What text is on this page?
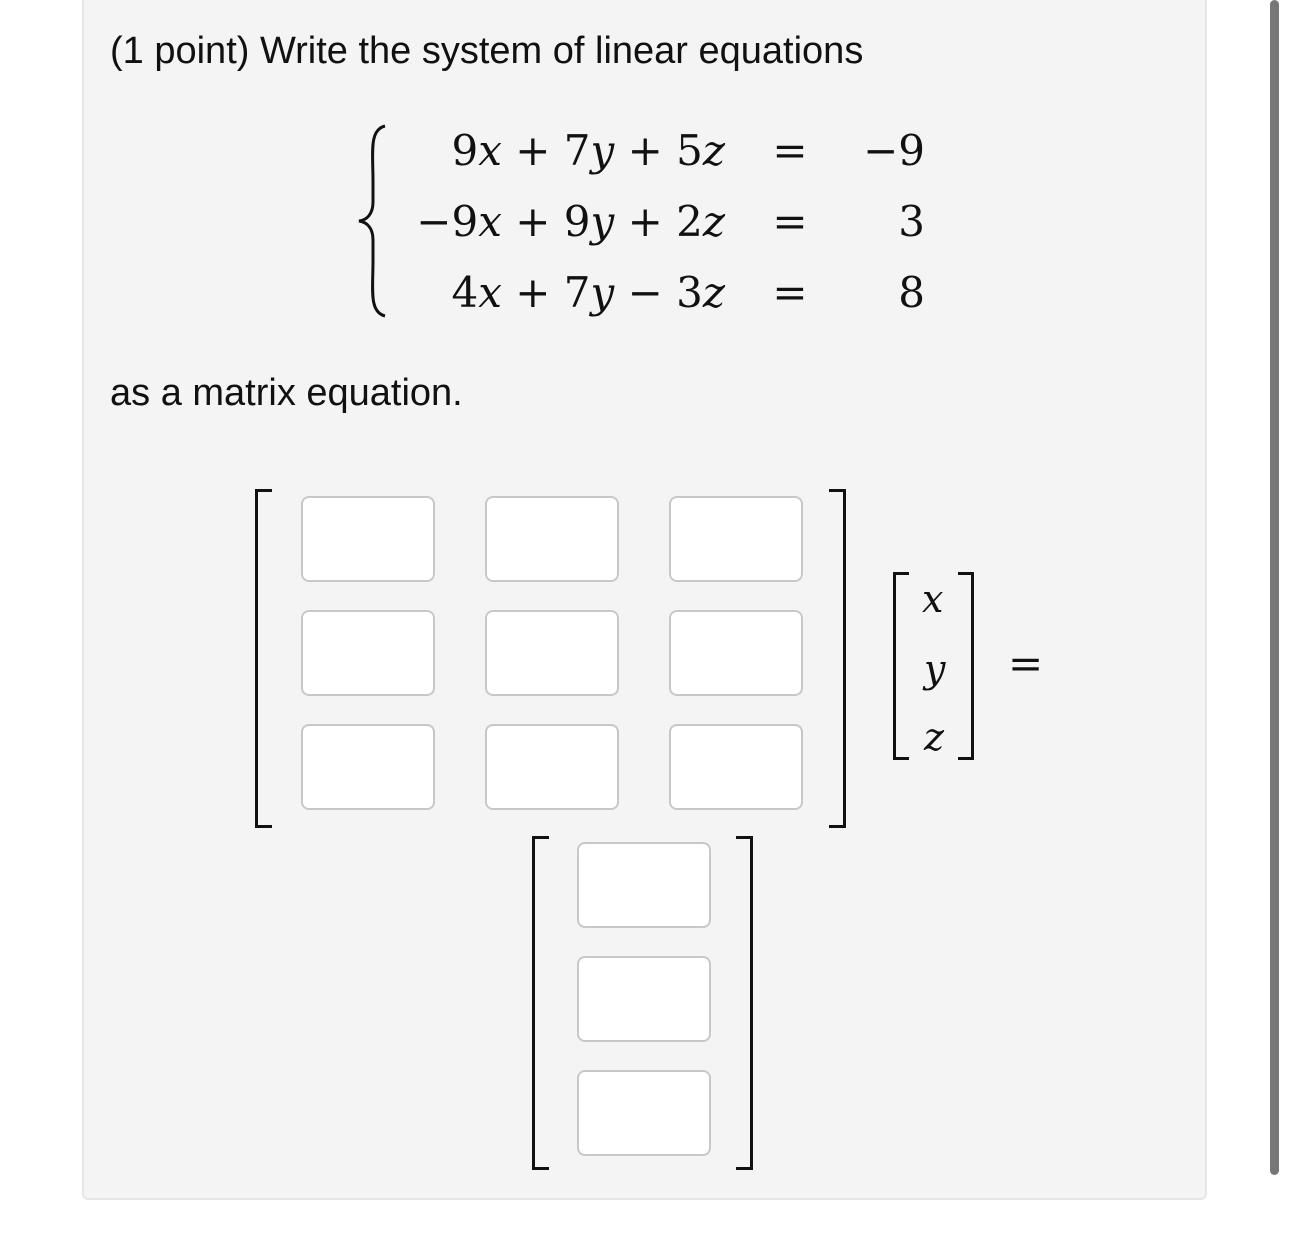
(1 point) Write the system of linear equations
9x + 7y + 5z =	−9
−9x + 9y + 2z =	3
4x + 7y − 3z =	8
as a matrix equation.
x
y
z
=
